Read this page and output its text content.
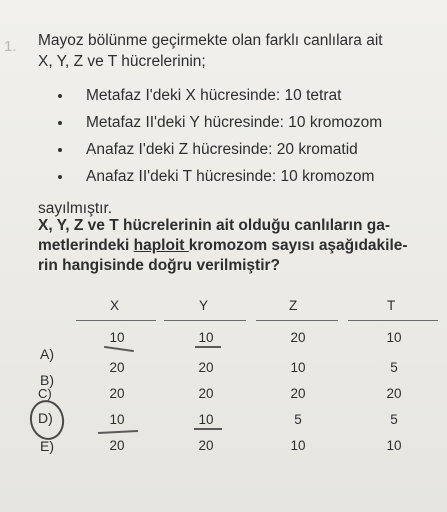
1. Mayoz bölünme geçirmekte olan farklı canlılara ait
X, Y, Z ve T hücrelerinin;
Metafaz I'deki X hücresinde: 10 tetrat
Metafaz II'deki Y hücresinde: 10 kromozom
Anafaz I'deki Z hücresinde: 20 kromatid
Anafaz II'deki T hücresinde: 10 kromozom
sayılmıştır.
X, Y, Z ve T hücrelerinin ait olduğu canlıların ga-
metlerindeki haploit kromozom sayısı aşağıdakile-
rin hangisinde doğru verilmiştir?
X	Y	Z	T
A)
10	10	20	10
B)
20	20	10	5
C)	20	20	20	20
D)	10	10	5	5
E)	20	20	10	10
